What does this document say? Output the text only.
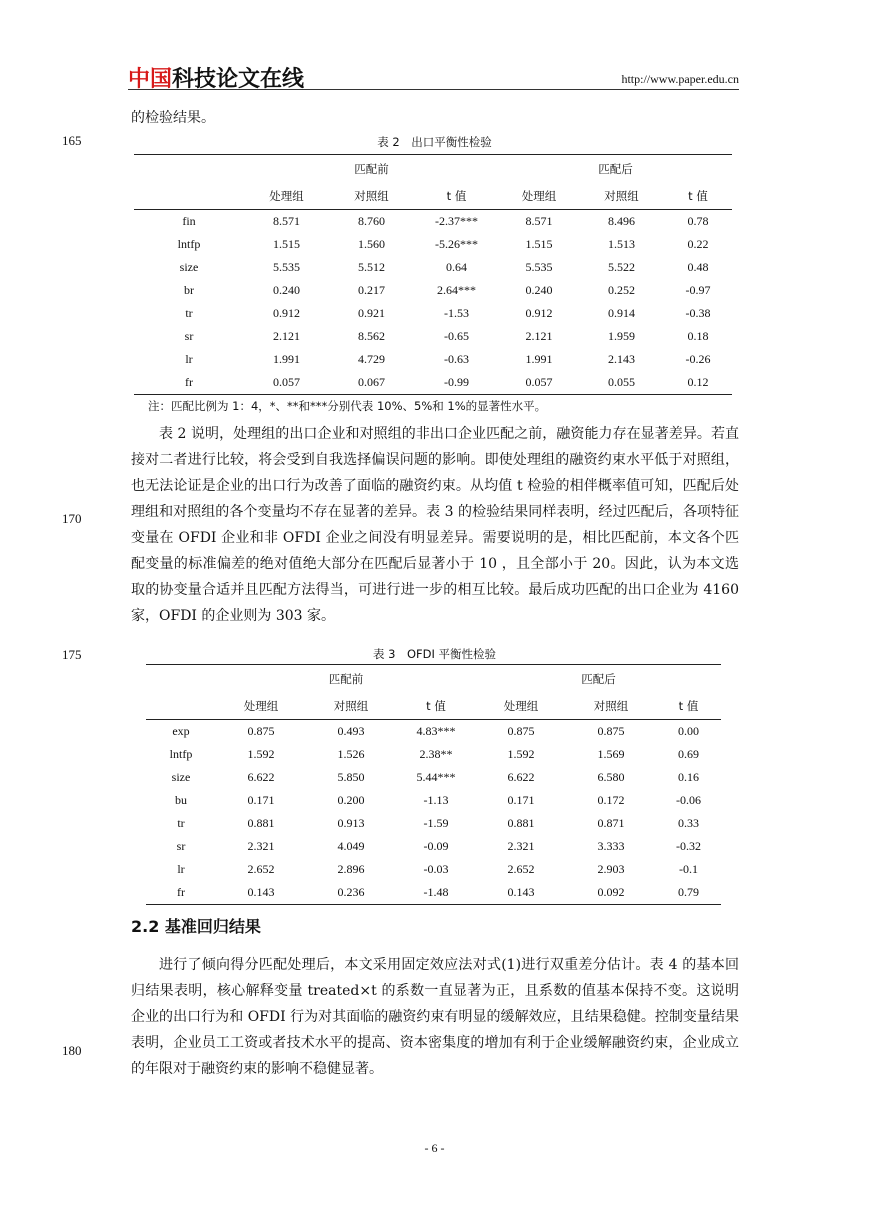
中国科技论文在线	http://www.paper.edu.cn
165
170
175
180
的检验结果。
表 2　出口平衡性检验
	匹配前			匹配后		
	处理组	对照组	t 值	处理组	对照组	t 值
fin	8.571	8.760	-2.37***	8.571	8.496	0.78
lntfp	1.515	1.560	-5.26***	1.515	1.513	0.22
size	5.535	5.512	0.64	5.535	5.522	0.48
br	0.240	0.217	2.64***	0.240	0.252	-0.97
tr	0.912	0.921	-1.53	0.912	0.914	-0.38
sr	2.121	8.562	-0.65	2.121	1.959	0.18
lr	1.991	4.729	-0.63	1.991	2.143	-0.26
fr	0.057	0.067	-0.99	0.057	0.055	0.12
注：匹配比例为 1：4，*、**和***分别代表 10%、5%和 1%的显著性水平。
表 2 说明，处理组的出口企业和对照组的非出口企业匹配之前，融资能力存在显著差异。若直接对二者进行比较，将会受到自我选择偏误问题的影响。即使处理组的融资约束水平低于对照组，也无法论证是企业的出口行为改善了面临的融资约束。从均值 t 检验的相伴概率值可知，匹配后处理组和对照组的各个变量均不存在显著的差异。表 3 的检验结果同样表明，经过匹配后，各项特征变量在 OFDI 企业和非 OFDI 企业之间没有明显差异。需要说明的是，相比匹配前，本文各个匹配变量的标准偏差的绝对值绝大部分在匹配后显著小于 10 ，且全部小于 20。因此，认为本文选取的协变量合适并且匹配方法得当，可进行进一步的相互比较。最后成功匹配的出口企业为 4160 家，OFDI 的企业则为 303 家。
表 3　OFDI 平衡性检验
	匹配前			匹配后		
	处理组	对照组	t 值	处理组	对照组	t 值
exp	0.875	0.493	4.83***	0.875	0.875	0.00
lntfp	1.592	1.526	2.38**	1.592	1.569	0.69
size	6.622	5.850	5.44***	6.622	6.580	0.16
bu	0.171	0.200	-1.13	0.171	0.172	-0.06
tr	0.881	0.913	-1.59	0.881	0.871	0.33
sr	2.321	4.049	-0.09	2.321	3.333	-0.32
lr	2.652	2.896	-0.03	2.652	2.903	-0.1
fr	0.143	0.236	-1.48	0.143	0.092	0.79
2.2 基准回归结果
进行了倾向得分匹配处理后，本文采用固定效应法对式(1)进行双重差分估计。表 4 的基本回归结果表明，核心解释变量 treated×t 的系数一直显著为正，且系数的值基本保持不变。这说明企业的出口行为和 OFDI 行为对其面临的融资约束有明显的缓解效应，且结果稳健。控制变量结果表明，企业员工工资或者技术水平的提高、资本密集度的增加有利于企业缓解融资约束，企业成立的年限对于融资约束的影响不稳健显著。
- 6 -
